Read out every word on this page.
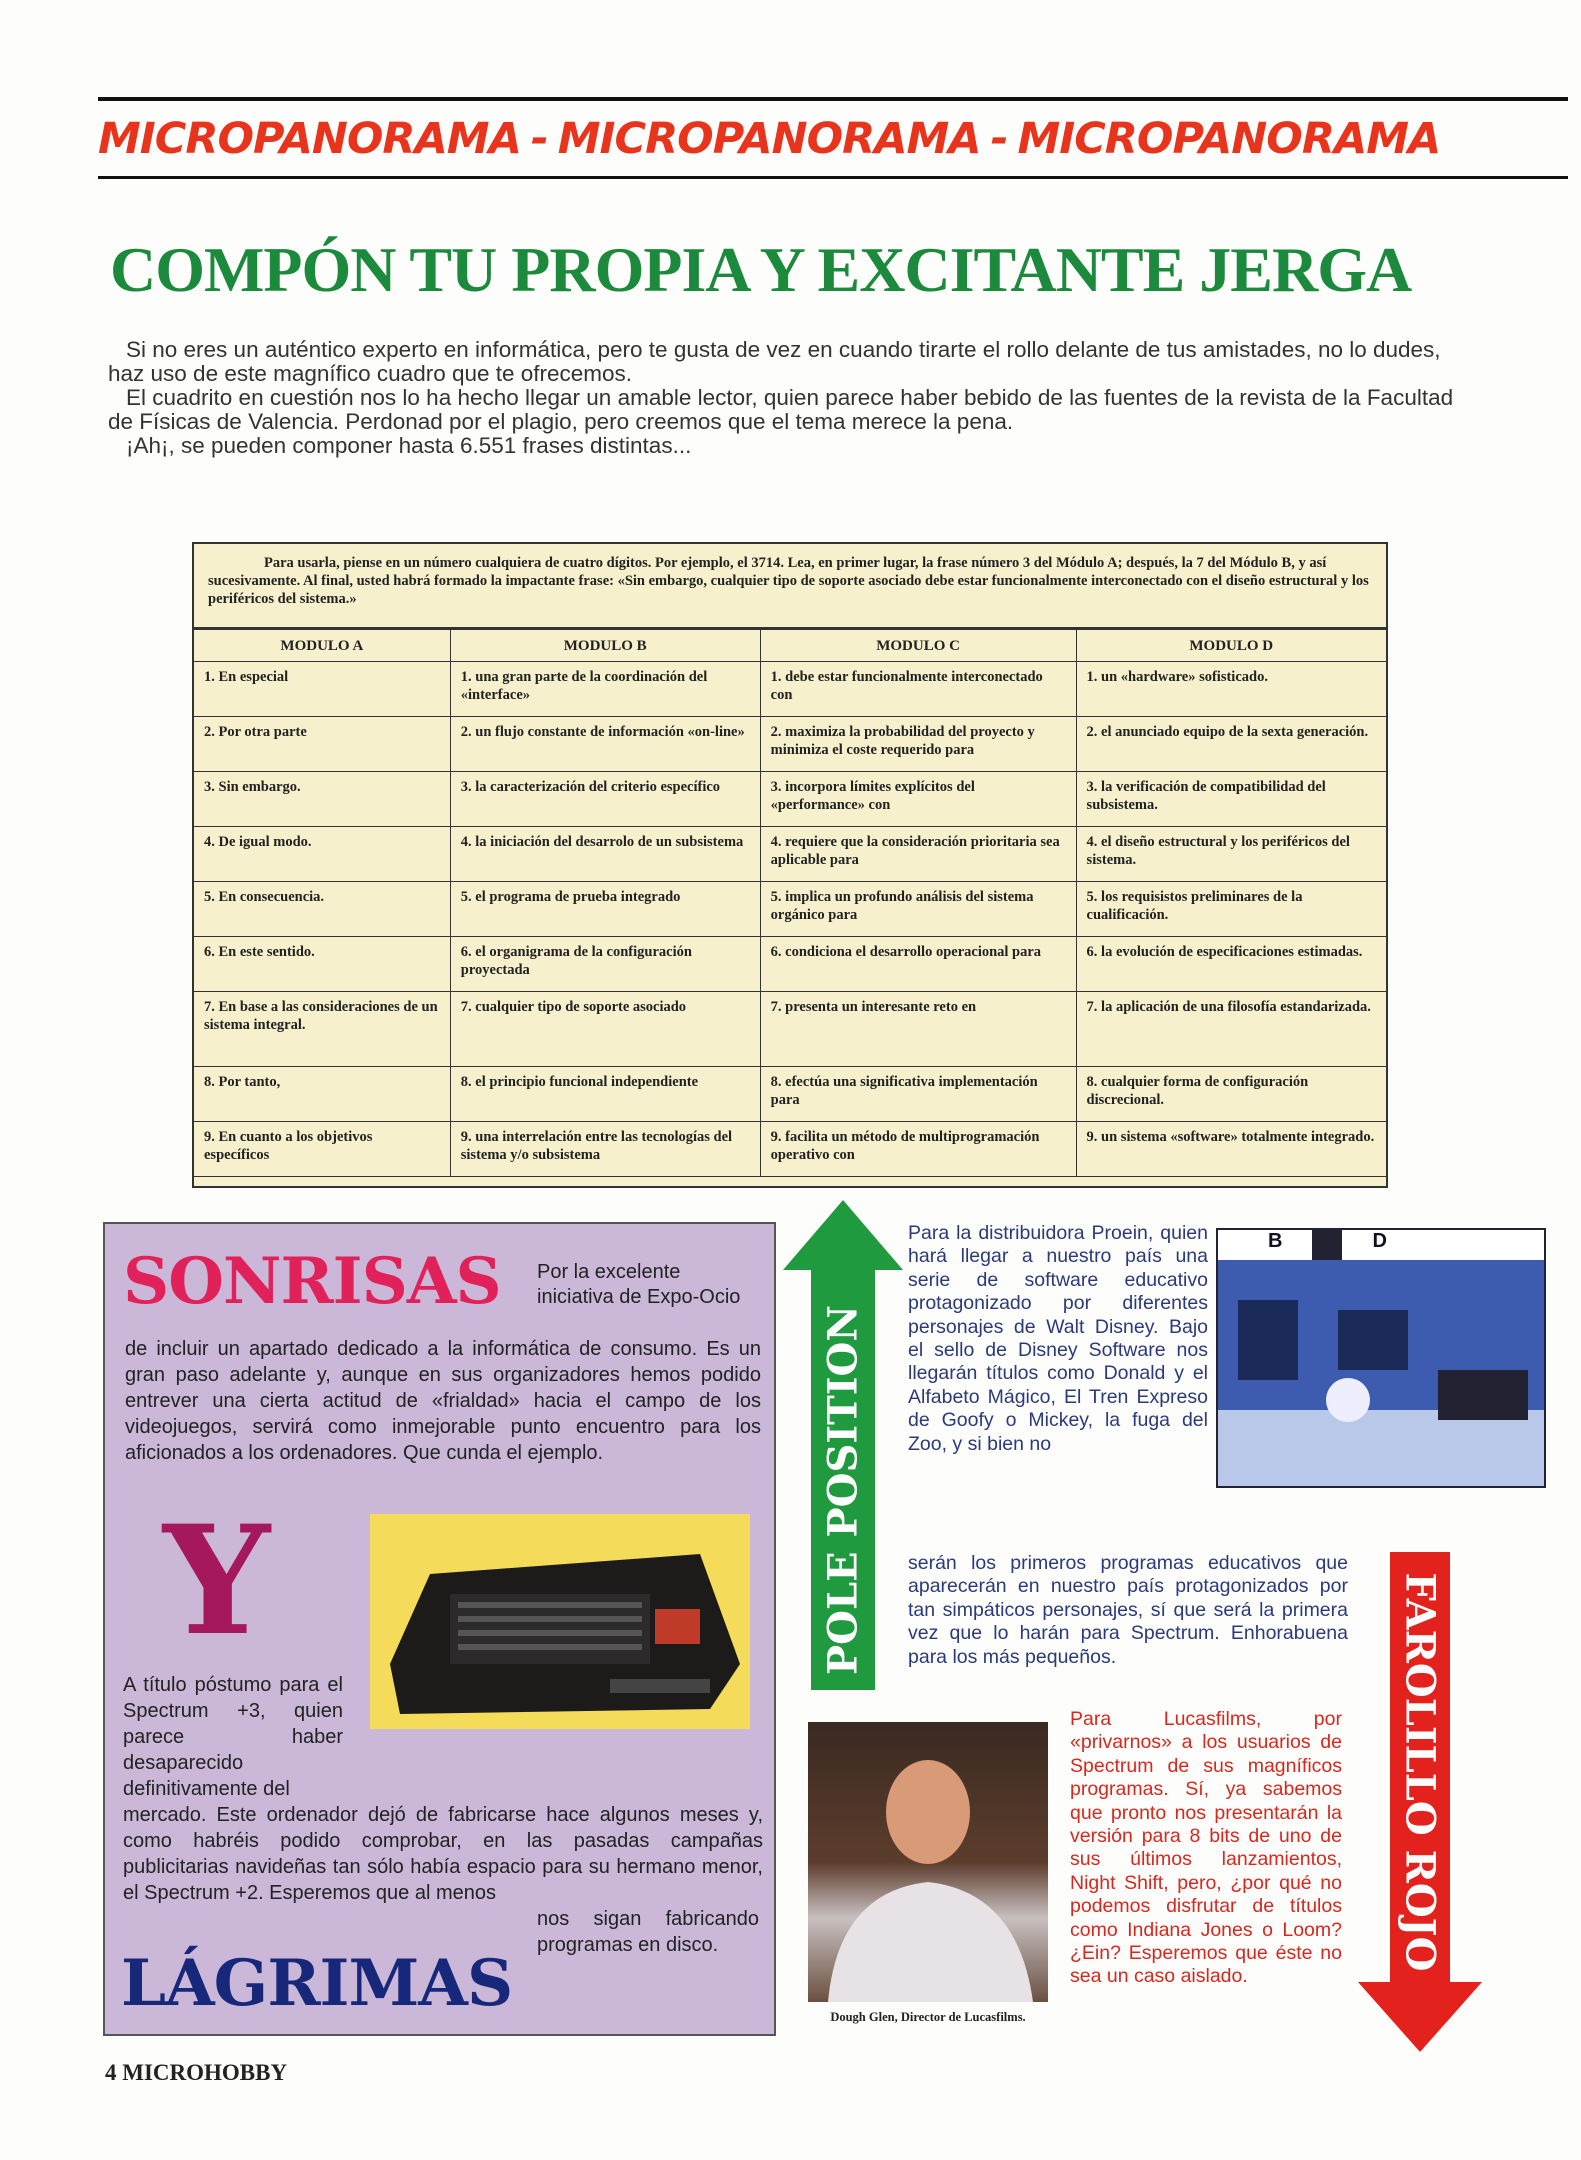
MICROPANORAMA - MICROPANORAMA - MICROPANORAMA
COMPÓN TU PROPIA Y EXCITANTE JERGA

Si no eres un auténtico experto en informática, pero te gusta de vez en cuando tirarte el rollo delante de tus amistades, no lo dudes, haz uso de este magnífico cuadro que te ofrecemos.

El cuadrito en cuestión nos lo ha hecho llegar un amable lector, quien parece haber bebido de las fuentes de la revista de la Facultad de Físicas de Valencia. Perdonad por el plagio, pero creemos que el tema merece la pena.

¡Ah¡, se pueden componer hasta 6.551 frases distintas...

Para usarla, piense en un número cualquiera de cuatro dígitos. Por ejemplo, el 3714. Lea, en primer lugar, la frase número 3 del Módulo A; después, la 7 del Módulo B, y así sucesivamente. Al final, usted habrá formado la impactante frase: «Sin embargo, cualquier tipo de soporte asociado debe estar funcionalmente interconectado con el diseño estructural y los periféricos del sistema.»
MODULO A	MODULO B	MODULO C	MODULO D
1. En especial	1. una gran parte de la coordinación del «interface»	1. debe estar funcionalmente interconectado con	1. un «hardware» sofisticado.
2. Por otra parte	2. un flujo constante de información «on-line»	2. maximiza la probabilidad del proyecto y minimiza el coste requerido para	2. el anunciado equipo de la sexta generación.
3. Sin embargo.	3. la caracterización del criterio específico	3. incorpora límites explícitos del «performance» con	3. la verificación de compatibilidad del subsistema.
4. De igual modo.	4. la iniciación del desarrolo de un subsistema	4. requiere que la consideración prioritaria sea aplicable para	4. el diseño estructural y los periféricos del sistema.
5. En consecuencia.	5. el programa de prueba integrado	5. implica un profundo análisis del sistema orgánico para	5. los requisistos preliminares de la cualificación.
6. En este sentido.	6. el organigrama de la configuración proyectada	6. condiciona el desarrollo operacional para	6. la evolución de especificaciones estimadas.
7. En base a las consideraciones de un sistema integral.	7. cualquier tipo de soporte asociado	7. presenta un interesante reto en	7. la aplicación de una filosofía estandarizada.
8. Por tanto,	8. el principio funcional independiente	8. efectúa una significativa implementación para	8. cualquier forma de configuración discrecional.
9. En cuanto a los objetivos específicos	9. una interrelación entre las tecnologías del sistema y/o subsistema	9. facilita un método de multiprogramación operativo con	9. un sistema «software» totalmente integrado.
SONRISAS Por la excelente iniciativa de Expo-Ocio
de incluir un apartado dedicado a la informática de consumo. Es un gran paso adelante y, aunque en sus organizadores hemos podido entrever una cierta actitud de «frialdad» hacia el campo de los videojuegos, servirá como inmejorable punto encuentro para los aficionados a los ordenadores. Que cunda el ejemplo.
Y
A título póstumo para el Spectrum +3, quien parece haber desaparecido definitivamente del
mercado. Este ordenador dejó de fabricarse hace algunos meses y, como habréis podido comprobar, en las pasadas campañas publicitarias navideñas tan sólo había espacio para su hermano menor, el Spectrum +2. Esperemos que al menos
LÁGRIMAS
nos sigan fabricando programas en disco.
POLE POSITION
Para la distribuidora Proein, quien hará llegar a nuestro país una serie de software educativo protagonizado por diferentes personajes de Walt Disney. Bajo el sello de Disney Software nos llegarán títulos como Donald y el Alfabeto Mágico, El Tren Expreso de Goofy o Mickey, la fuga del Zoo, y si bien no
serán los primeros programas educativos que aparecerán en nuestro país protagonizados por tan simpáticos personajes, sí que será la primera vez que lo harán para Spectrum. Enhorabuena para los más pequeños.
B	D
Dough Glen, Director de Lucasfilms.
Para Lucasfilms, por «privarnos» a los usuarios de Spectrum de sus magníficos programas. Sí, ya sabemos que pronto nos presentarán la versión para 8 bits de uno de sus últimos lanzamientos, Night Shift, pero, ¿por qué no podemos disfrutar de títulos como Indiana Jones o Loom? ¿Ein? Esperemos que éste no sea un caso aislado.
FAROLILLO ROJO
4 MICROHOBBY
